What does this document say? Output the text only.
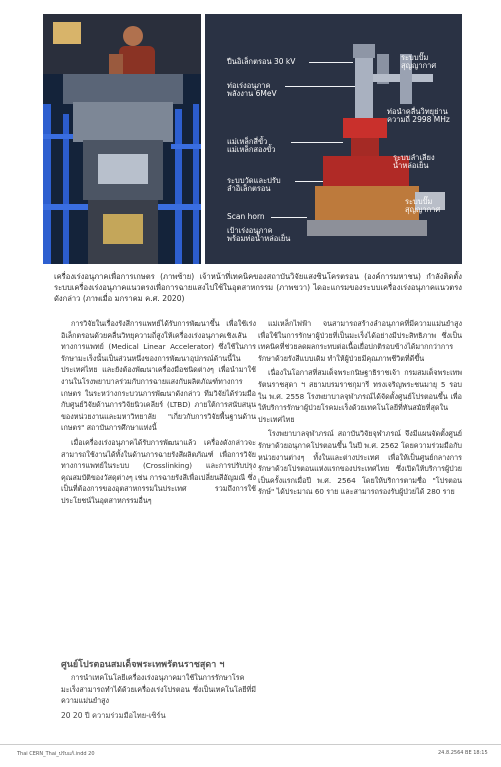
ปืนอิเล็กตรอน 30 kV	ระบบปั๊ม
สุญญากาศ
ท่อเร่งอนุภาค
พลังงาน 6MeV
ท่อนำคลื่นวิทยุย่าน
ความถี่ 2998 MHz
แม่เหล็กสี่ขั้ว
แม่เหล็กสองขั้ว
ระบบลำเลียง
น้ำหล่อเย็น
ระบบวัดและปรับ
ลำอิเล็กตรอน
ระบบปั๊ม
สุญญากาศ
Scan horn
เป้าเร่งอนุภาค
พร้อมท่อน้ำหล่อเย็น
เครื่องเร่งอนุภาคเพื่อการเกษตร (ภาพซ้าย) เจ้าหน้าที่เทคนิคของสถาบันวิจัยแสงซินโครตรอน (องค์การมหาชน) กำลังติดตั้งระบบเครื่องเร่งอนุภาคแนวตรงเพื่อการฉายแสงไปใช้ในอุตสาหกรรม (ภาพขวา) ไดอะแกรมของระบบเครื่องเร่งอนุภาคแนวตรงดังกล่าว (ภาพเมื่อ มกราคม ค.ศ. 2020)

การวิจัยในเรื่องรังสีการแพทย์ได้รับการพัฒนาขึ้น เพื่อใช้เร่งอิเล็กตรอนด้วยคลื่นวิทยุความถี่สูงให้เครื่องเร่งอนุภาคเชิงเส้นทางการแพทย์ (Medical Linear Accelerator) ซึ่งใช้ในการรักษามะเร็งนั้นเป็นส่วนหนึ่งของการพัฒนาอุปกรณ์ด้านนี้ในประเทศไทย และยังต้องพัฒนาเครื่องมือชนิดต่างๆ เพื่อนำมาใช้งานในโรงพยาบาลร่วมกับการฉายแสงกับผลิตภัณฑ์ทางการเกษตร ในระหว่างกระบวนการพัฒนาดังกล่าว ทีมวิจัยได้ร่วมมือกับศูนย์วิจัยด้านการวิจัยนิวเคลียร์ (LTBD) ภายใต้การสนับสนุนของหน่วยงานและมหาวิทยาลัย "เกี่ยวกับการวิจัยพื้นฐานด้านเกษตร" สถาบันการศึกษาแห่งนี้

เมื่อเครื่องเร่งอนุภาคได้รับการพัฒนาแล้ว เครื่องดังกล่าวจะสามารถใช้งานได้ทั้งในด้านการฉายรังสีผลิตภัณฑ์ เพื่อการวิจัยทางการแพทย์ในระบบ (Crosslinking) และการปรับปรุงคุณสมบัติของวัสดุต่างๆ เช่น การฉายรังสีเพื่อเปลี่ยนสีอัญมณี ซึ่งเป็นที่ต้องการของอุตสาหกรรมในประเทศ รวมถึงการใช้ประโยชน์ในอุตสาหกรรมอื่นๆ

ศูนย์โปรตอนสมเด็จพระเทพรัตนราชสุดา ฯ

การนำเทคโนโลยีเครื่องเร่งอนุภาคมาใช้ในการรักษาโรคมะเร็งสามารถทำได้ด้วยเครื่องเร่งโปรตอน ซึ่งเป็นเทคโนโลยีที่มีความแม่นยำสูง

20 20 ปี ความร่วมมือไทย-เซิร์น

แม่เหล็กไฟฟ้า จนสามารถสร้างลำอนุภาคที่มีความแม่นยำสูง เพื่อใช้ในการรักษาผู้ป่วยที่เป็นมะเร็งได้อย่างมีประสิทธิภาพ ซึ่งเป็นเทคนิคที่ช่วยลดผลกระทบต่อเนื้อเยื่อปกติรอบข้างได้มากกว่าการรักษาด้วยรังสีแบบเดิม ทำให้ผู้ป่วยมีคุณภาพชีวิตที่ดีขึ้น

เนื่องในโอกาสที่สมเด็จพระกนิษฐาธิราชเจ้า กรมสมเด็จพระเทพรัตนราชสุดา ฯ สยามบรมราชกุมารี ทรงเจริญพระชนมายุ 5 รอบ ใน พ.ศ. 2558 โรงพยาบาลจุฬาภรณ์ได้จัดตั้งศูนย์โปรตอนขึ้น เพื่อให้บริการรักษาผู้ป่วยโรคมะเร็งด้วยเทคโนโลยีที่ทันสมัยที่สุดในประเทศไทย

โรงพยาบาลจุฬาภรณ์ สถาบันวิจัยจุฬาภรณ์ จึงมีแผนจัดตั้งศูนย์รักษาด้วยอนุภาคโปรตอนขึ้น ในปี พ.ศ. 2562 โดยความร่วมมือกับหน่วยงานต่างๆ ทั้งในและต่างประเทศ เพื่อให้เป็นศูนย์กลางการรักษาด้วยโปรตอนแห่งแรกของประเทศไทย ซึ่งเปิดให้บริการผู้ป่วยเป็นครั้งแรกเมื่อปี พ.ศ. 2564 โดยให้บริการตามชื่อ "โปรตอนรักษ์" ได้ประมาณ 60 ราย และสามารถรองรับผู้ป่วยได้ 280 ราย

Thai CERN_Thai_ปรับแก้.indd 20	24.8.2564 BE 18:15
